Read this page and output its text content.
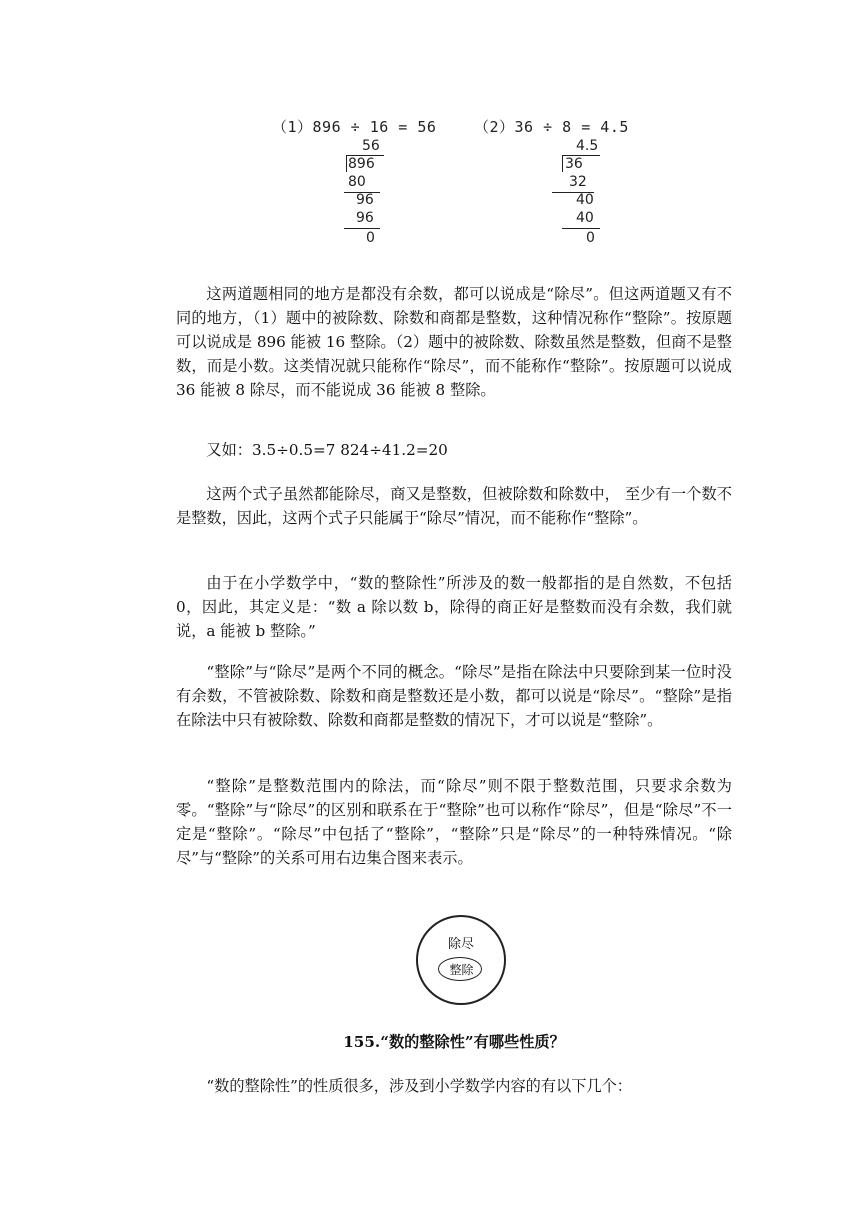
（1）896 ÷ 16 = 56	（2）36 ÷ 8 = 4.5
56
896
80
96
96
0
4.5
36
32
40
40
0

这两道题相同的地方是都没有余数，都可以说成是“除尽”。但这两道题又有不同的地方，（1）题中的被除数、除数和商都是整数，这种情况称作“整除”。按原题可以说成是 896 能被 16 整除。（2）题中的被除数、除数虽然是整数，但商不是整数，而是小数。这类情况就只能称作“除尽”，而不能称作“整除”。按原题可以说成 36 能被 8 除尽，而不能说成 36 能被 8 整除。

又如：3.5÷0.5=7 824÷41.2=20

这两个式子虽然都能除尽，商又是整数，但被除数和除数中， 至少有一个数不是整数，因此，这两个式子只能属于“除尽”情况，而不能称作“整除”。

由于在小学数学中，“数的整除性”所涉及的数一般都指的是自然数，不包括 0，因此，其定义是：“数 a 除以数 b，除得的商正好是整数而没有余数，我们就说，a 能被 b 整除。”

“整除”与“除尽”是两个不同的概念。“除尽”是指在除法中只要除到某一位时没有余数，不管被除数、除数和商是整数还是小数，都可以说是“除尽”。“整除”是指在除法中只有被除数、除数和商都是整数的情况下，才可以说是“整除”。

“整除”是整数范围内的除法，而“除尽”则不限于整数范围，只要求余数为零。“整除”与“除尽”的区别和联系在于“整除”也可以称作“除尽”，但是“除尽”不一定是“整除”。“除尽”中包括了“整除”，“整除”只是“除尽”的一种特殊情况。“除尽”与“整除”的关系可用右边集合图来表示。

除尽
整除
155.“数的整除性”有哪些性质？

“数的整除性”的性质很多，涉及到小学数学内容的有以下几个：
